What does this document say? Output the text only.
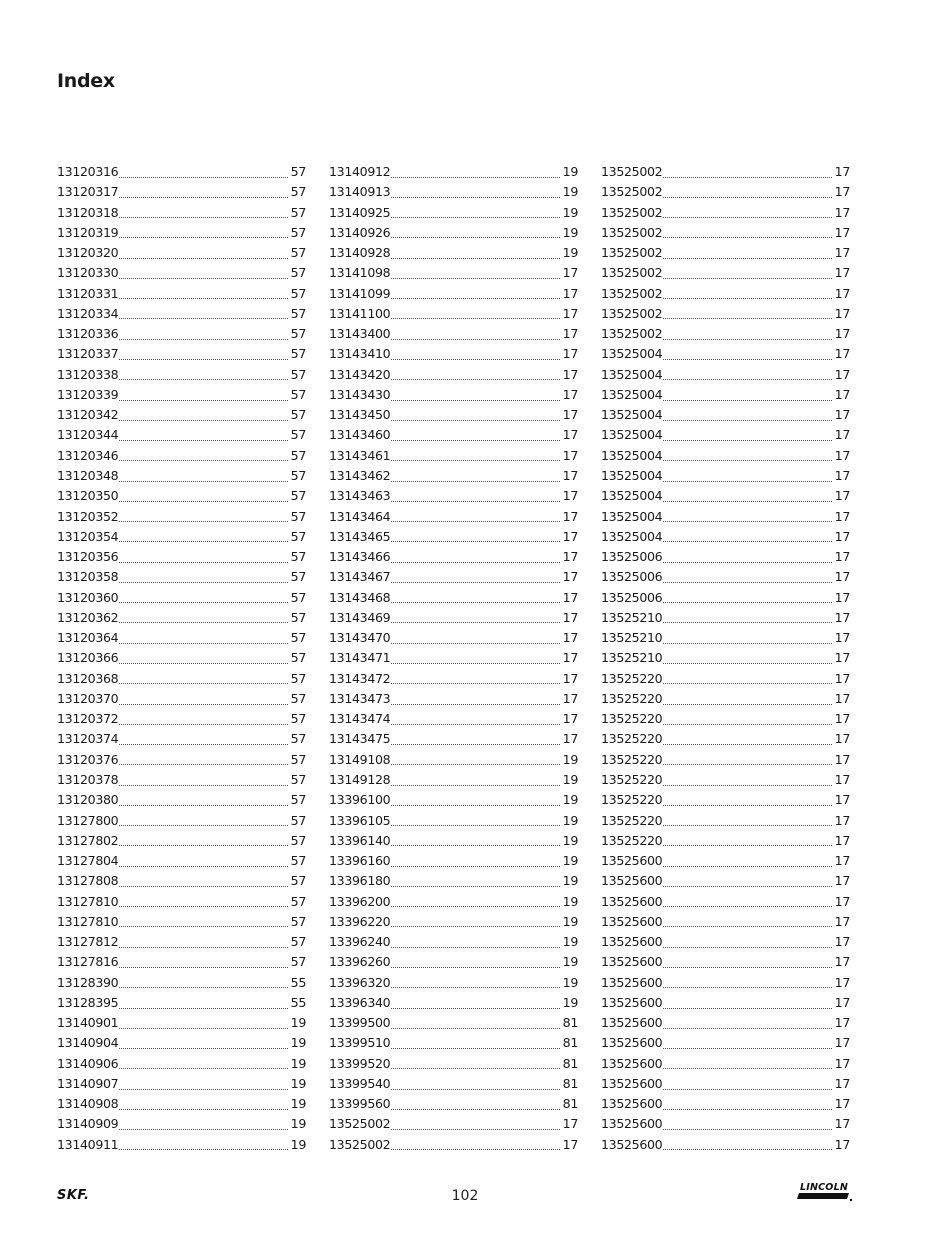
Index
13120316	57
13120317	57
13120318	57
13120319	57
13120320	57
13120330	57
13120331	57
13120334	57
13120336	57
13120337	57
13120338	57
13120339	57
13120342	57
13120344	57
13120346	57
13120348	57
13120350	57
13120352	57
13120354	57
13120356	57
13120358	57
13120360	57
13120362	57
13120364	57
13120366	57
13120368	57
13120370	57
13120372	57
13120374	57
13120376	57
13120378	57
13120380	57
13127800	57
13127802	57
13127804	57
13127808	57
13127810	57
13127810	57
13127812	57
13127816	57
13128390	55
13128395	55
13140901	19
13140904	19
13140906	19
13140907	19
13140908	19
13140909	19
13140911	19
13140912	19
13140913	19
13140925	19
13140926	19
13140928	19
13141098	17
13141099	17
13141100	17
13143400	17
13143410	17
13143420	17
13143430	17
13143450	17
13143460	17
13143461	17
13143462	17
13143463	17
13143464	17
13143465	17
13143466	17
13143467	17
13143468	17
13143469	17
13143470	17
13143471	17
13143472	17
13143473	17
13143474	17
13143475	17
13149108	19
13149128	19
13396100	19
13396105	19
13396140	19
13396160	19
13396180	19
13396200	19
13396220	19
13396240	19
13396260	19
13396320	19
13396340	19
13399500	81
13399510	81
13399520	81
13399540	81
13399560	81
13525002	17
13525002	17
13525002	17
13525002	17
13525002	17
13525002	17
13525002	17
13525002	17
13525002	17
13525002	17
13525002	17
13525004	17
13525004	17
13525004	17
13525004	17
13525004	17
13525004	17
13525004	17
13525004	17
13525004	17
13525004	17
13525006	17
13525006	17
13525006	17
13525210	17
13525210	17
13525210	17
13525220	17
13525220	17
13525220	17
13525220	17
13525220	17
13525220	17
13525220	17
13525220	17
13525220	17
13525600	17
13525600	17
13525600	17
13525600	17
13525600	17
13525600	17
13525600	17
13525600	17
13525600	17
13525600	17
13525600	17
13525600	17
13525600	17
13525600	17
13525600	17
SKF.	102
LINCOLN
